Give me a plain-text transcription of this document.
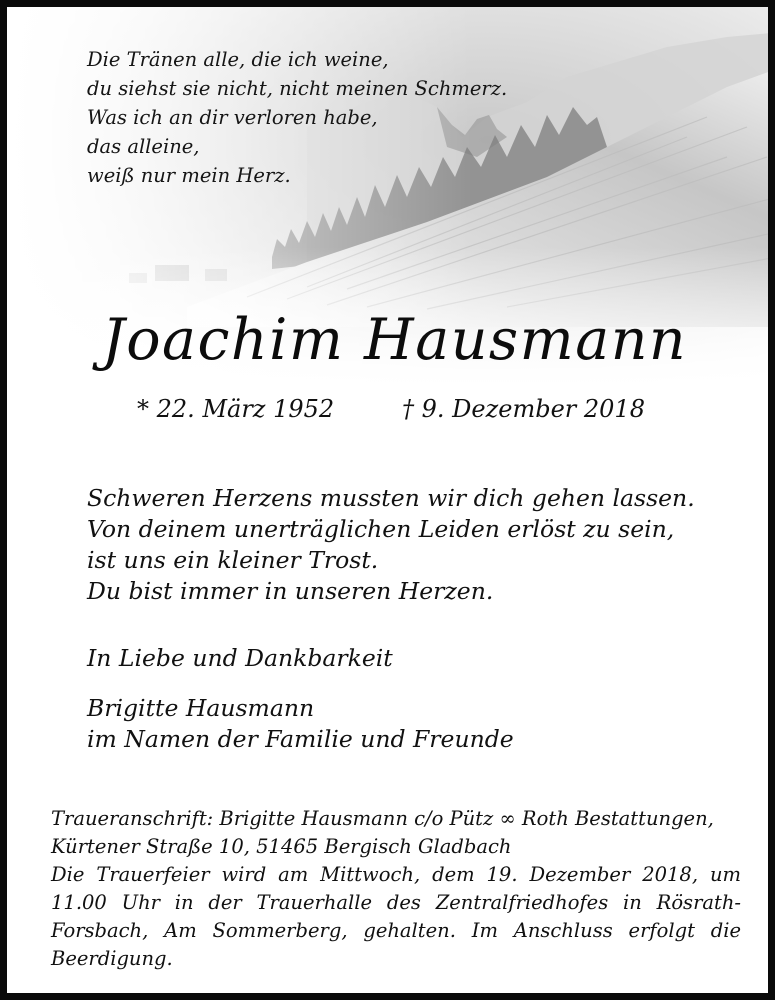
Die Tränen alle, die ich weine,
du siehst sie nicht, nicht meinen Schmerz.
Was ich an dir verloren habe,
das alleine,
weiß nur mein Herz.
Joachim Hausmann
* 22. März 1952	† 9. Dezember 2018
Schweren Herzens mussten wir dich gehen lassen.
Von deinem unerträglichen Leiden erlöst zu sein,
ist uns ein kleiner Trost.
Du bist immer in unseren Herzen.
In Liebe und Dankbarkeit
Brigitte Hausmann
im Namen der Familie und Freunde
Traueranschrift: Brigitte Hausmann c/o Pütz ∞ Roth Bestattungen,
Kürtener Straße 10, 51465 Bergisch Gladbach
Die Trauerfeier wird am Mittwoch, dem 19. Dezember 2018, um 11.00 Uhr in der Trauerhalle des Zentralfriedhofes in Rösrath-Forsbach, Am Sommerberg, gehalten. Im Anschluss erfolgt die Beerdigung.
